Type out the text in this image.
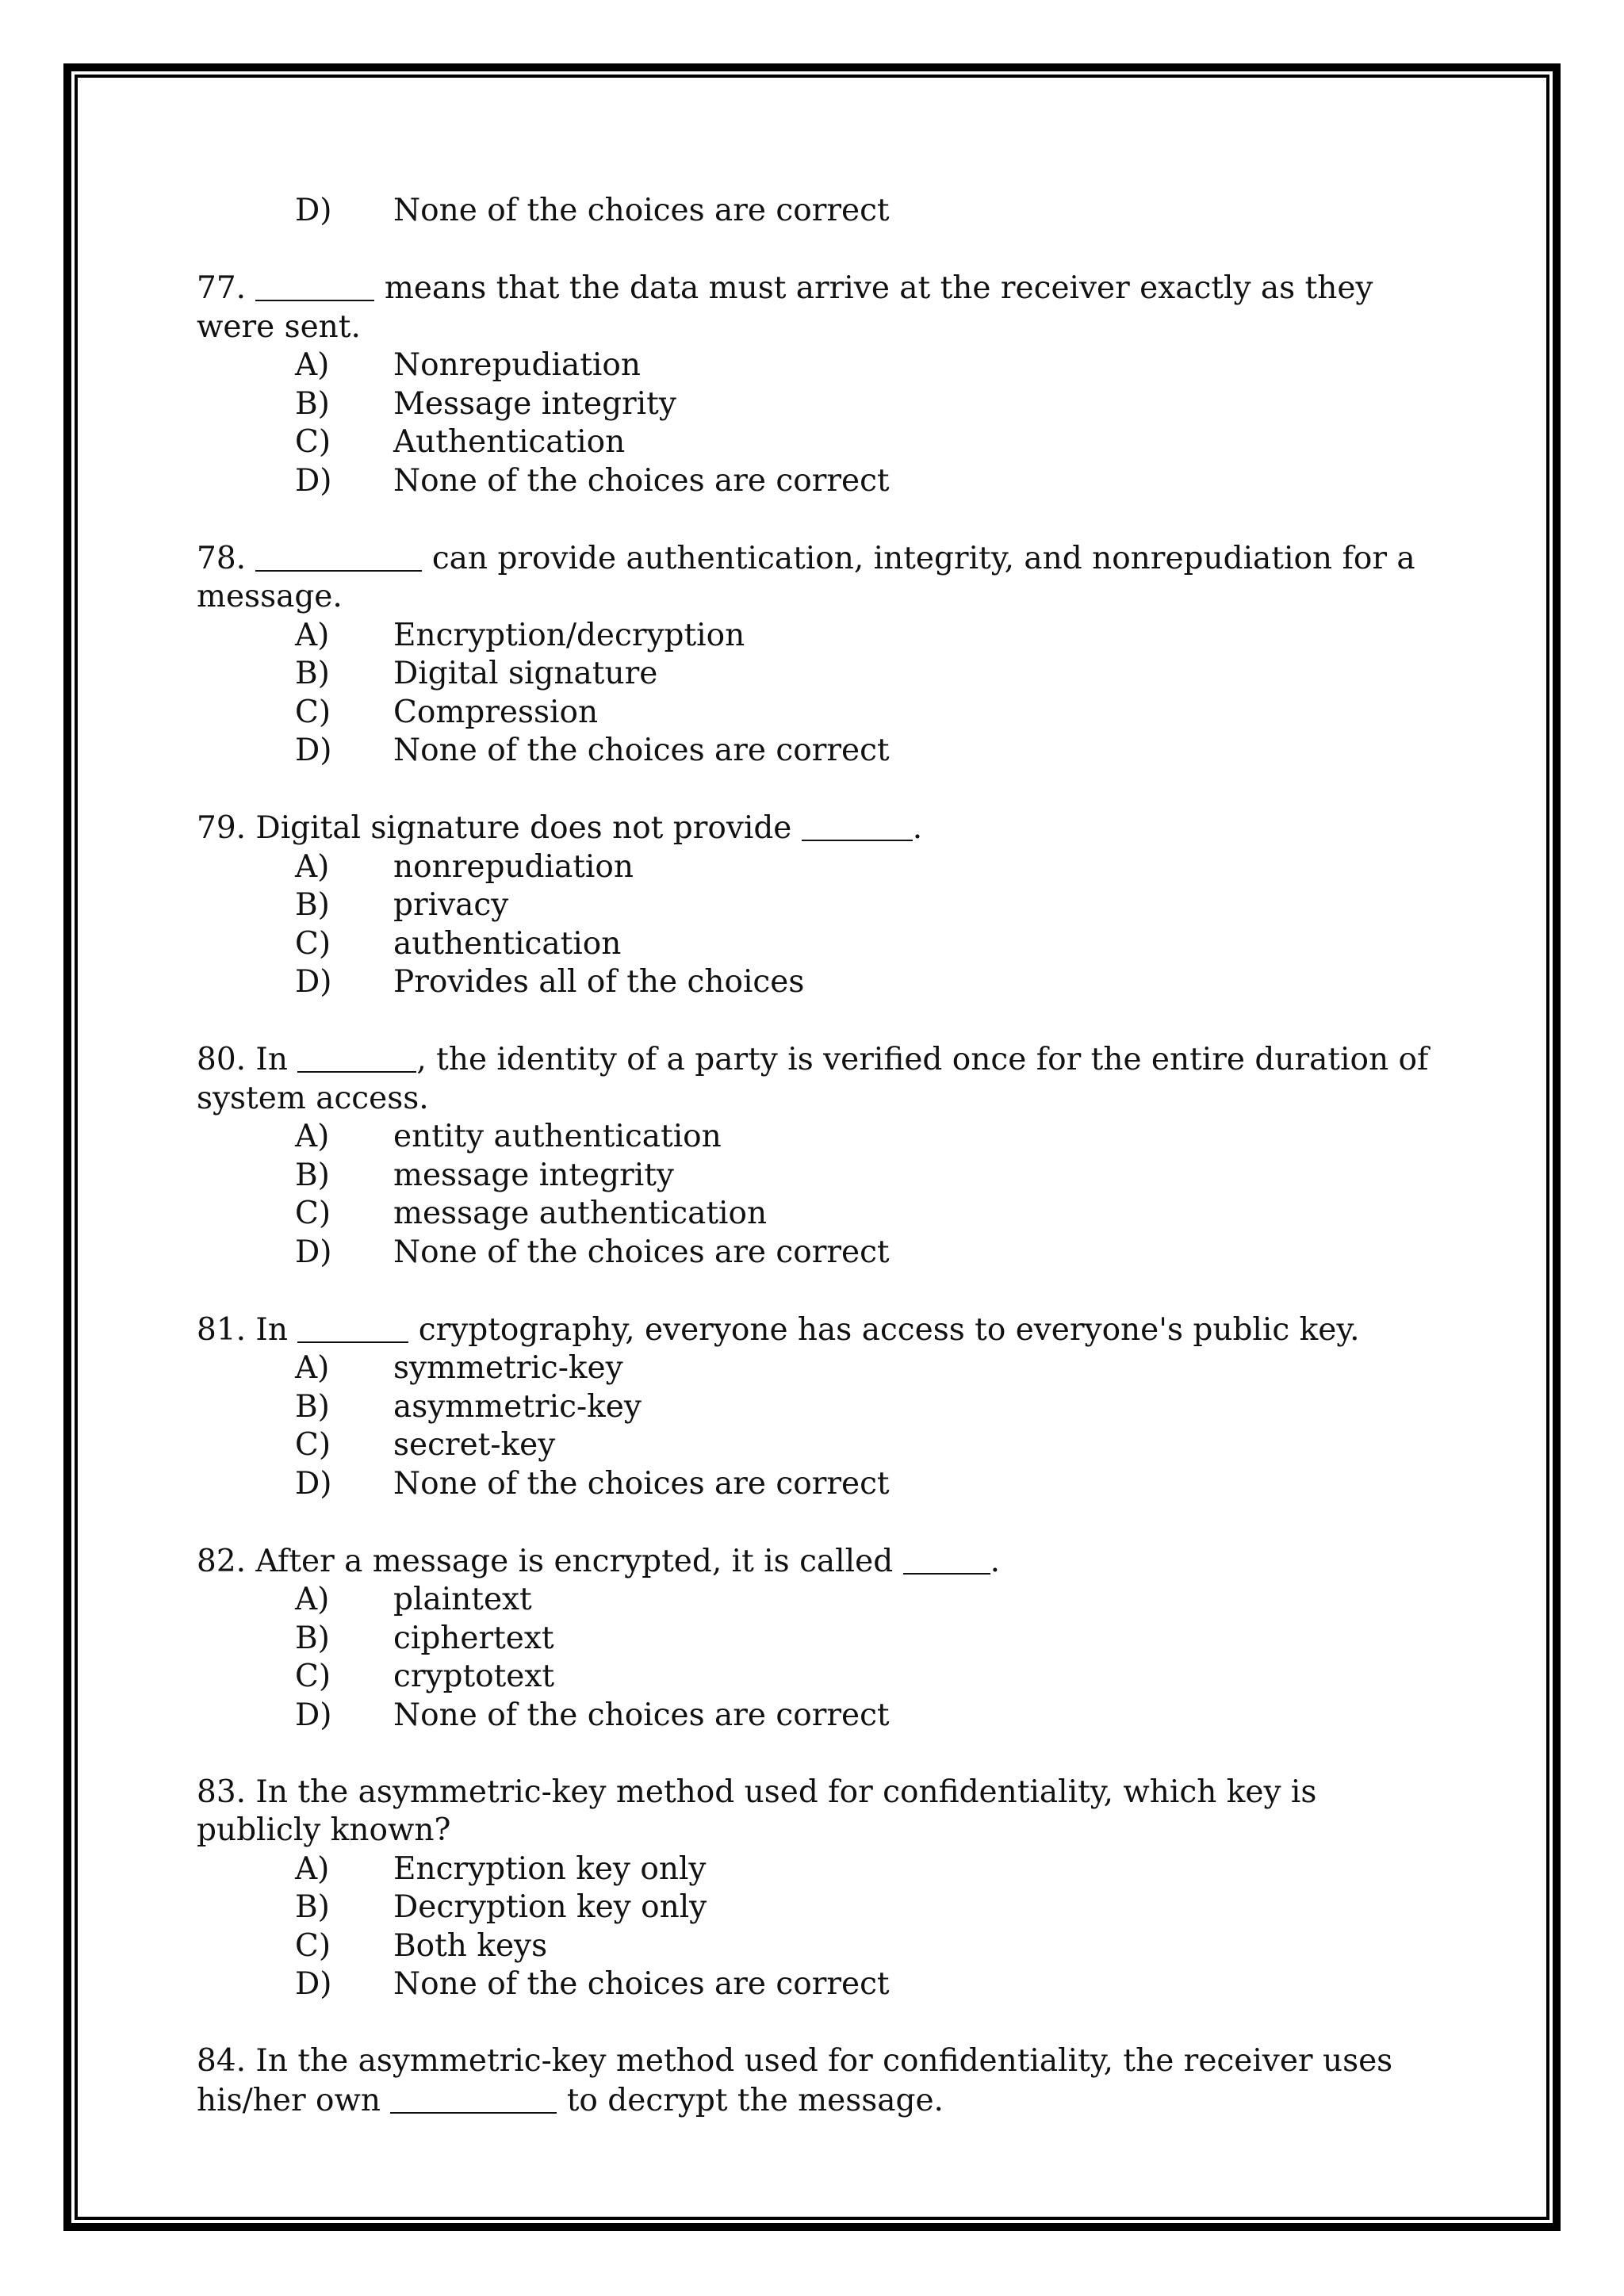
D)	None of the choices are correct

77.	means that the data must arrive at the receiver exactly as they were sent.

A)	Nonrepudiation
B)	Message integrity
C)	Authentication
D)	None of the choices are correct

78.	can provide authentication, integrity, and nonrepudiation for a message.

A)	Encryption/decryption
B)	Digital signature
C)	Compression
D)	None of the choices are correct

79. Digital signature does not provide	.

A)	nonrepudiation
B)	privacy
C)	authentication
D)	Provides all of the choices

80. In	, the identity of a party is verified once for the entire duration of system access.

A)	entity authentication
B)	message integrity
C)	message authentication
D)	None of the choices are correct

81. In	cryptography, everyone has access to everyone's public key.

A)	symmetric-key
B)	asymmetric-key
C)	secret-key
D)	None of the choices are correct

82. After a message is encrypted, it is called	.

A)	plaintext
B)	ciphertext
C)	cryptotext
D)	None of the choices are correct

83. In the asymmetric-key method used for confidentiality, which key is publicly known?

A)	Encryption key only
B)	Decryption key only
C)	Both keys
D)	None of the choices are correct

84. In the asymmetric-key method used for confidentiality, the receiver uses his/her own	to decrypt the message.
